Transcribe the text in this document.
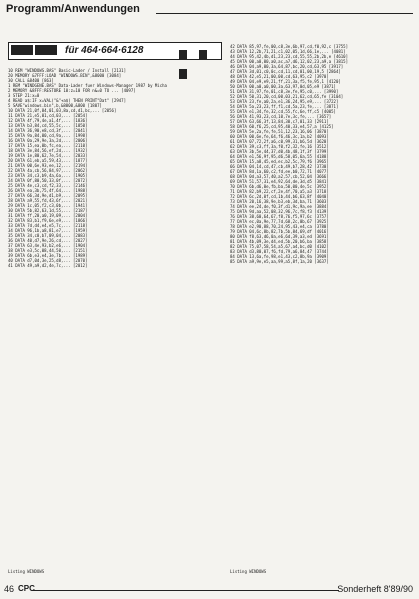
Programm/Anwendungen
für 464·664·6128

10 REM "WINDOWS.BAS" Basic-Lader / Install [2131]
20 MEMORY &7FFF:LOAD "WINDOWS.BIN",&8000 [3084]
30 CALL &8400 [863]
1 REM "WINDGENE.BAS" Data-Lader fuer Windows-Manager 1987 by Micha
2 MEMORY &8FFF:RESTORE 10:z=10 FOR n&=0 TO ... [4097]
3 STEP 21:x=0
4 READ a$:IF x=VAL("&"+a$) THEN PRINT"Dat" [2947]
5 SAVE"windows.bin",b,&8000,&800 [1807]
10 DATA 21,0f,84,01,03,8a,cd,d1,bc,... [2056]
11 DATA 21,e5,01,cd,03,... [2054]
12 DATA 4f,79,4e,a1,4f,... [1836]
13 DATA b3,84,cd,55,5c,... [1850]
14 DATA 36,90,e8,cd,3f,... [2041]
15 DATA 9a,84,00,cd,9a,... [1998]
16 DATA 0a,29,9e,3a,2d,... [2006]
17 DATA 15,ea,0b,fc,ea,... [2110]
18 DATA 3e,84,56,ef,2d,... [1932]
19 DATA 1e,80,62,7e,54,... [2033]
20 DATA 61,eb,a5,59,43,... [1877]
21 DATA 00,6e,93,ee,12,... [2194]
22 DATA 4a,cb,56,84,97,... [2062]
23 DATA 34,c3,b9,4a,6a,... [1905]
24 DATA 0f,80,50,33,0f,... [2072]
25 DATA 4e,c3,cd,f2,33,... [2146]
26 DATA ea,3b,75,4f,64,... [1988]
27 DATA 66,3d,9e,d1,b9,... [2095]
28 DATA a9,55,fd,43,6f,... [2021]
29 DATA 1c,05,f2,c3,0b,... [1941]
30 DATA 5b,82,63,1d,55,... [2187]
31 DATA ff,20,a0,19,09,... [2004]
32 DATA 83,b1,f9,6e,e9,... [1866]
33 DATA 7d,d4,e4,e5,7c,... [2118]
34 DATA 96,1b,a8,81,e7,... [1959]
35 DATA 34,c0,b7,09,04,... [2083]
36 DATA 40,d7,9e,26,cd,... [2027]
37 DATA 63,4e,93,b2,e6,... [1904]
38 DATA e3,5c,08,44,50,... [2151]
39 DATA 6b,e3,e4,3e,7b,... [1989]
40 DATA d7,0d,3e,25,d8,... [2070]
41 DATA 49,a9,d2,4e,7c,... [2012]
42 DATA 85,97,fe,00,c8,3e,6b,97,cd,f0,92,c [3755]
43 DATA 12,2b,71,21,c1,02,05,1d,66,1e,... [4081]
44 DATA 95,42,4b,d1,23,23,cd,55,55,2b,2b,e [4610]
45 DATA 00,a0,00,a0,ac,a7,d6,12,02,23,a9,a [3815]
46 DATA 04,a9,00,3a,64,87,bc,20,cd,63,95 [3917]
47 DATA 3d,01,c0,0c,cd,11,cd,01,00,19,5 [2864]
48 DATA 42,e5,21,00,00,cd,63,95,c2 [3970]
49 DATA 04,e9,e9,21,ff,21,3a,f5,fe,95,1 [4120]
50 DATA 00,a0,a0,00,3a,63,97,0d,05,e9 [3871]
51 DATA 31,97,fe,01,c8,3e,fe,95,c0,... [3990]
52 DATA 50,31,20,cd,00,03,21,62,cd,65,fe [3104]
53 DATA 23,fe,a0,2a,e1,36,24,95,e9,... [3722]
54 DATA 5a,23,23,ff,f1,cd,5a,23,fe,... [3871]
55 DATA e1,34,fe,32,cd,55,fc,6e,ff,c5 [4005]
56 DATA 41,93,23,cd,10,7e,3c,fe,... [3657]
57 DATA 63,66,3f,13,84,30,c7,01,33 [2911]
58 DATA 60,f6,25,cd,95,40,33,e4,57,a [4125]
59 DATA 5e,2a,fe,fe,51,12,23,16,06 [3870]
60 DATA 00,6e,fe,64,f6,46,3c,1a,b2 [4093]
61 DATA 07,72,2f,a6,c0,99,31,b6,5d [3620]
62 DATA 39,c3,ff,3a,f0,f2,32,fe,16 [3512]
63 DATA 3b,5e,44,37,d0,4b,48,1f,3f [3799]
64 DATA e1,56,9f,95,d6,58,05,6a,55 [4188]
65 DATA 15,a8,45,ed,ec,b2,5c,79,f6 [3965]
66 DATA 04,14,cd,47,cb,49,b7,28,42 [3730]
67 DATA 8d,1a,60,c2,fd,ee,b0,72,71 [4077]
68 DATA 0d,a3,57,40,a2,57,cb,52,04 [3666]
69 DATA 51,57,31,e4,92,64,de,3d,d5 [3841]
70 DATA 6b,d6,0e,fb,ba,50,00,4e,5c [3952]
71 DATA 82,b9,22,cf,2e,4f,70,a5,a3 [3718]
72 DATA 6c,2d,0f,cd,1b,44,b6,63,8f [4040]
73 DATA 20,16,38,9e,b3,eb,3d,ba,71 [3603]
74 DATA ee,24,de,f0,3f,d1,9c,9a,ee [3884]
75 DATA 9d,aa,52,08,32,96,7c,f8,f3 [4139]
76 DATA 38,60,64,67,f8,76,f5,97,6c [3757]
77 DATA ec,0a,9e,77,7d,68,2c,0b,67 [3925]
78 DATA e2,90,88,70,24,95,43,e4,ca [3780]
79 DATA 04,6c,8b,82,7b,5b,84,69,df [4016]
80 DATA f8,63,d6,0a,e6,6d,39,a3,ed [3691]
81 DATA 4b,09,3e,d4,ed,5b,20,b6,ba [3858]
82 DATA 75,07,58,54,a5,67,a4,bc,d0 [4102]
83 DATA d3,80,07,f6,fd,79,a6,84,47 [3744]
84 DATA 13,6a,fe,98,e1,43,c2,8b,9a [3909]
85 DATA a9,9e,e5,aa,99,a5,8f,1a,20 [3637]
Listing WINDOWS	Listing WINDOWS
46 CPC	Sonderheft 8'89/90
